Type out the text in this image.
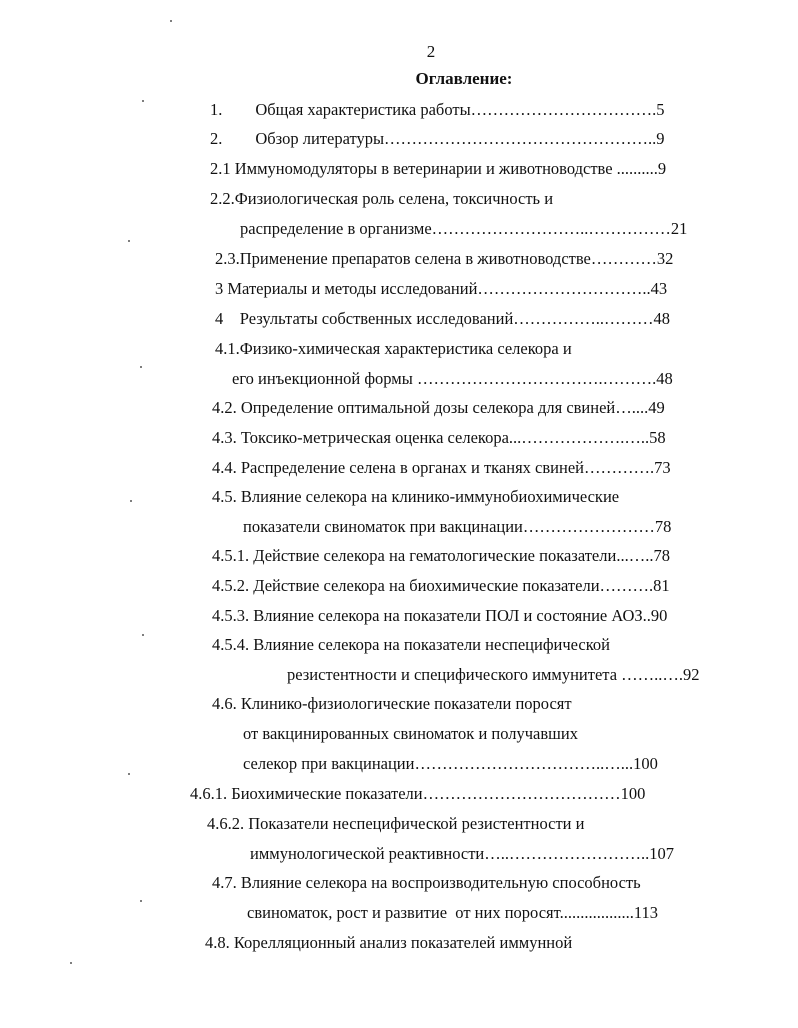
2
Оглавление:
1.        Общая характеристика работы…………………………….5
2.        Обзор литературы…………………………………………..9
2.1 Иммуномодуляторы в ветеринарии и животноводстве ..........9
2.2.Физиологическая роль селена, токсичность и
распределение в организме………………………..……………21
2.3.Применение препаратов селена в животноводстве…………32
3 Материалы и методы исследований…………………………..43
4    Результаты собственных исследований……………..………48
4.1.Физико-химическая характеристика селекора и
его инъекционной формы …………………………….……….48
4.2. Определение оптимальной дозы селекора для свиней…....49
4.3. Токсико-метрическая оценка селекора...……………….…..58
4.4. Распределение селена в органах и тканях свиней………….73
4.5. Влияние селекора на клинико-иммунобиохимические
показатели свиноматок при вакцинации……………………78
4.5.1. Действие селекора на гематологические показатели...…..78
4.5.2. Действие селекора на биохимические показатели……….81
4.5.3. Влияние селекора на показатели ПОЛ и состояние АОЗ..90
4.5.4. Влияние селекора на показатели неспецифической
резистентности и специфического иммунитета ……..….92
4.6. Клинико-физиологические показатели поросят
от вакцинированных свиноматок и получавших
селекор при вакцинации……………………………..…...100
4.6.1. Биохимические показатели………………………………100
4.6.2. Показатели неспецифической резистентности и
иммунологической реактивности…..……………………..107
4.7. Влияние селекора на воспроизводительную способность
свиноматок, рост и развитие  от них поросят..................113
4.8. Корелляционный анализ показателей иммунной
